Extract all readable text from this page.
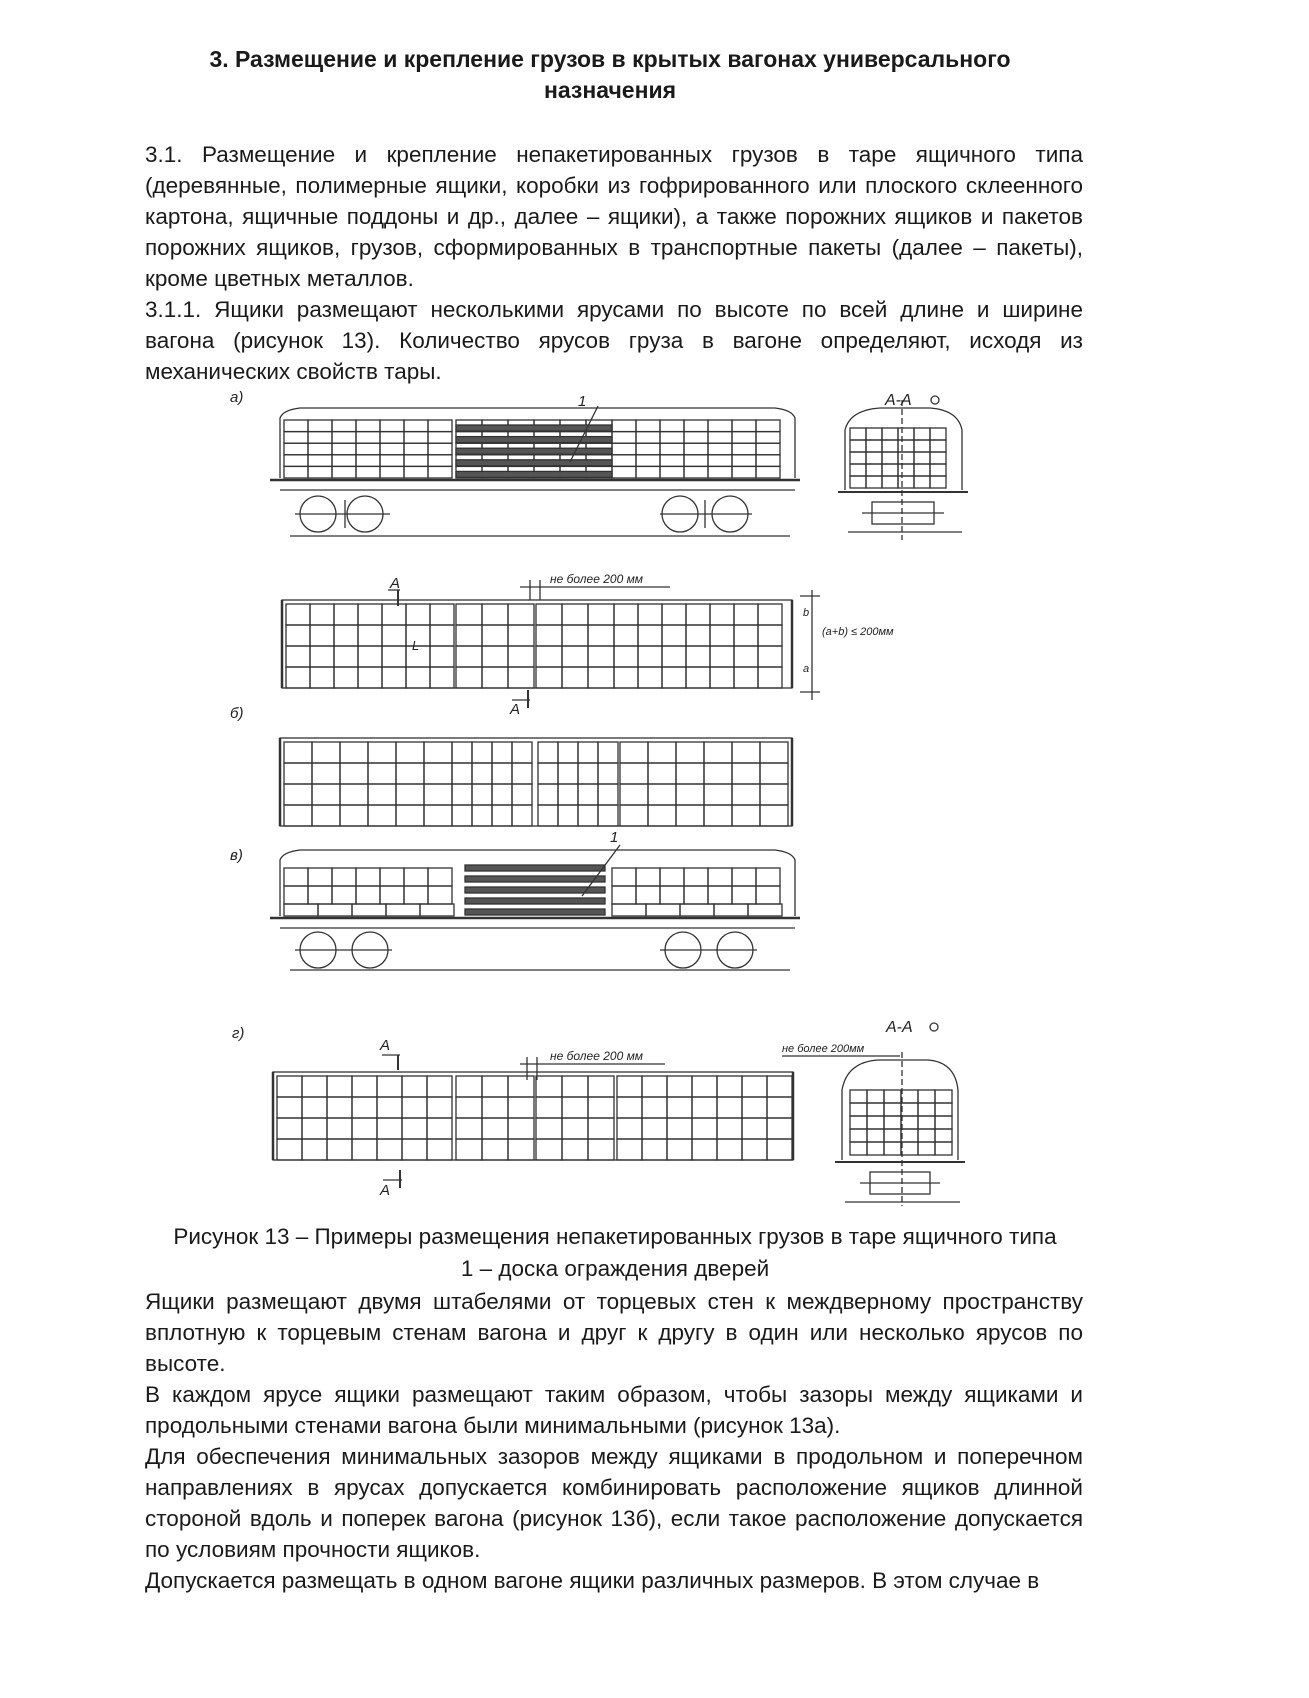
3. Размещение и крепление грузов в крытых вагонах универсального
назначения

3.1. Размещение и крепление непакетированных грузов в таре ящичного типа (деревянные, полимерные ящики, коробки из гофрированного или плоского склеенного картона, ящичные поддоны и др., далее – ящики), а также порожних ящиков и пакетов порожних ящиков, грузов, сформированных в транспортные пакеты (далее – пакеты), кроме цветных металлов.

3.1.1. Ящики размещают несколькими ярусами по высоте по всей длине и ширине вагона (рисунок 13). Количество ярусов груза в вагоне определяют, исходя из механических свойств тары.

а)	1	А-А
А	не более 200 мм
L
b
a
(a+b) ≤ 200мм
А
б)
в)
1
г)
А
не более 200 мм
А
А-А
не более 200мм
Рисунок 13 – Примеры размещения непакетированных грузов в таре ящичного типа
1 – доска ограждения дверей

Ящики размещают двумя штабелями от торцевых стен к междверному пространству вплотную к торцевым стенам вагона и друг к другу в один или несколько ярусов по высоте.

В каждом ярусе ящики размещают таким образом, чтобы зазоры между ящиками и продольными стенами вагона были минимальными (рисунок 13а).

Для обеспечения минимальных зазоров между ящиками в продольном и поперечном направлениях в ярусах допускается комбинировать расположение ящиков длинной стороной вдоль и поперек вагона (рисунок 13б), если такое расположение допускается по условиям прочности ящиков.

Допускается размещать в одном вагоне ящики различных размеров. В этом случае в
